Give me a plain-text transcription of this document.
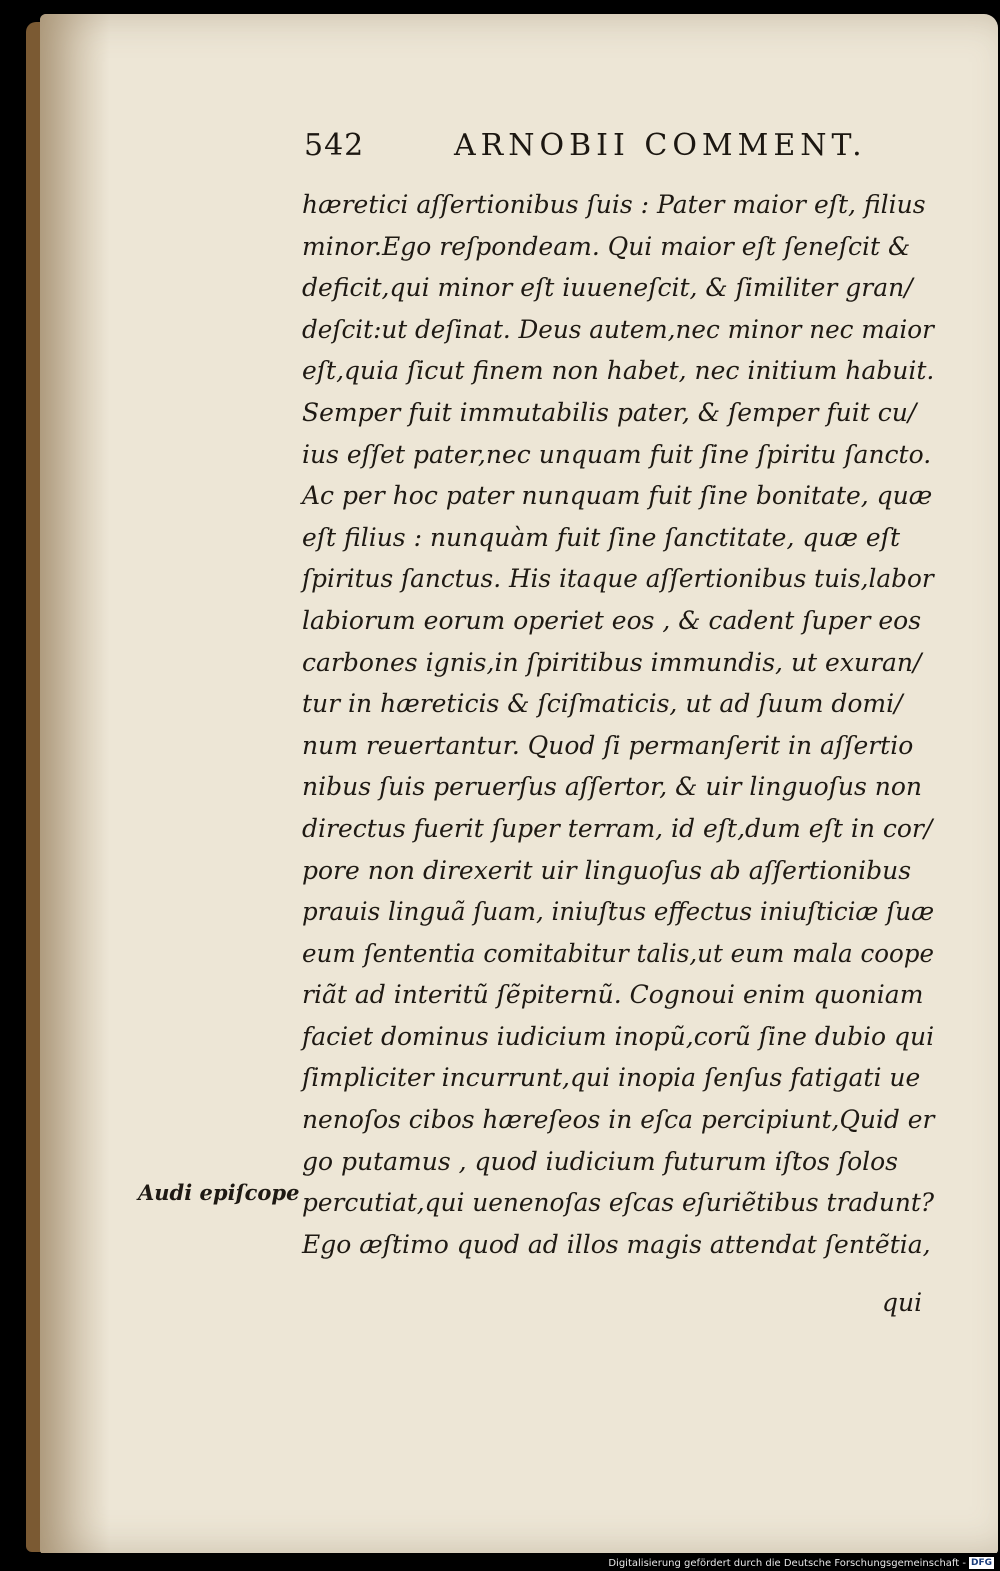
542	ARNOBII COMMENT.
hæretici aſſertionibus ſuis : Pater maior eſt, filius
minor.Ego reſpondeam. Qui maior eſt ſeneſcit &
deficit,qui minor eſt iuueneſcit, & ſimiliter gran/
deſcit:ut deſinat. Deus autem,nec minor nec maior
eſt,quia ſicut finem non habet, nec initium habuit.
Semper fuit immutabilis pater, & ſemper fuit cu/
ius eſſet pater,nec unquam fuit ſine ſpiritu ſancto.
Ac per hoc pater nunquam fuit ſine bonitate, quæ
eſt filius : nunquàm fuit ſine ſanctitate, quæ eſt
ſpiritus ſanctus. His itaque aſſertionibus tuis,labor
labiorum eorum operiet eos , & cadent ſuper eos
carbones ignis,in ſpiritibus immundis, ut exuran/
tur in hæreticis & ſciſmaticis, ut ad ſuum domi/
num reuertantur. Quod ſi permanſerit in aſſertio
nibus ſuis peruerſus aſſertor, & uir linguoſus non
directus fuerit ſuper terram, id eſt,dum eſt in cor/
pore non direxerit uir linguoſus ab aſſertionibus
prauis linguã ſuam, iniuſtus effectus iniuſticiæ ſuæ
eum ſententia comitabitur talis,ut eum mala coope
riãt ad interitũ ſẽpiternũ. Cognoui enim quoniam
faciet dominus iudicium inopũ,corũ ſine dubio qui
ſimpliciter incurrunt,qui inopia ſenſus fatigati ue
nenoſos cibos hæreſeos in eſca percipiunt,Quid er
go putamus , quod iudicium futurum iſtos ſolos
percutiat,qui uenenoſas eſcas eſuriẽtibus tradunt?
Ego æſtimo quod ad illos magis attendat ſentẽtia,
qui
Audi epiſcope
Digitalisierung gefördert durch die Deutsche Forschungsgemeinschaft - DFG
